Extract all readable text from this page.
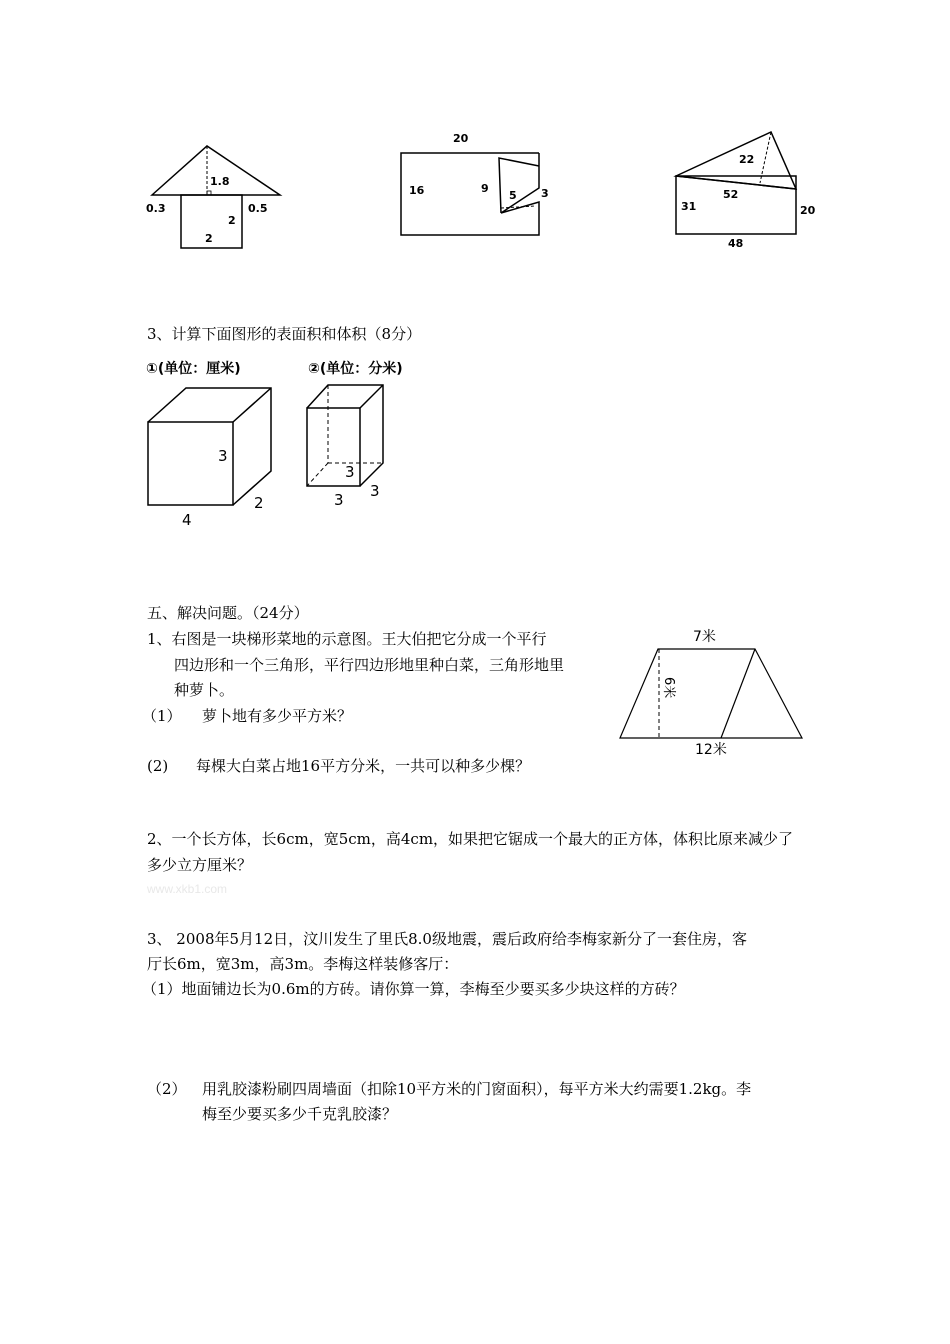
1.8
0.3	0.5
2
2
20
16	9
5 3
22
52
31	20
48
3、计算下面图形的表面积和体积（8分）
①(单位：厘米)
3
2
4
②(单位：分米)
3
3
3
五、解决问题。（24分）
1、右图是一块梯形菜地的示意图。王大伯把它分成一个平行
四边形和一个三角形，平行四边形地里种白菜，三角形地里
种萝卜。
（1） 萝卜地有多少平方米？
(2) 每棵大白菜占地16平方分米，一共可以种多少棵？
7米
6米
12米
2、一个长方体，长6cm，宽5cm，高4cm，如果把它锯成一个最大的正方体，体积比原来减少了
多少立方厘米？
www.xkb1.com
3、 2008年5月12日，汶川发生了里氏8.0级地震，震后政府给李梅家新分了一套住房，客
厅长6m，宽3m，高3m。李梅这样装修客厅：
（1）地面铺边长为0.6m的方砖。请你算一算，李梅至少要买多少块这样的方砖？
（2） 用乳胶漆粉刷四周墙面（扣除10平方米的门窗面积），每平方米大约需要1.2kg。李
梅至少要买多少千克乳胶漆？
